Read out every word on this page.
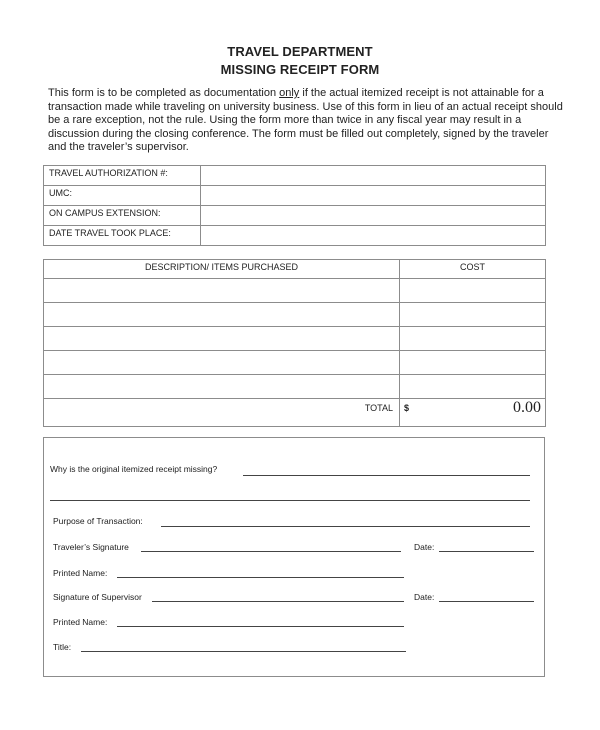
TRAVEL DEPARTMENT
MISSING RECEIPT FORM
This form is to be completed as documentation only if the actual itemized receipt is not attainable for a transaction made while traveling on university business. Use of this form in lieu of an actual receipt should be a rare exception, not the rule. Using the form more than twice in any fiscal year may result in a discussion during the closing conference. The form must be filled out completely, signed by the traveler and the traveler’s supervisor.
TRAVEL AUTHORIZATION #:	
UMC:	
ON CAMPUS EXTENSION:	
DATE TRAVEL TOOK PLACE:	
DESCRIPTION/ ITEMS PURCHASED	COST

TOTAL	$ 0.00
Why is the original itemized receipt missing?
Purpose of Transaction:
Traveler’s Signature	Date:
Printed Name:
Signature of Supervisor	Date:
Printed Name:
Title:
